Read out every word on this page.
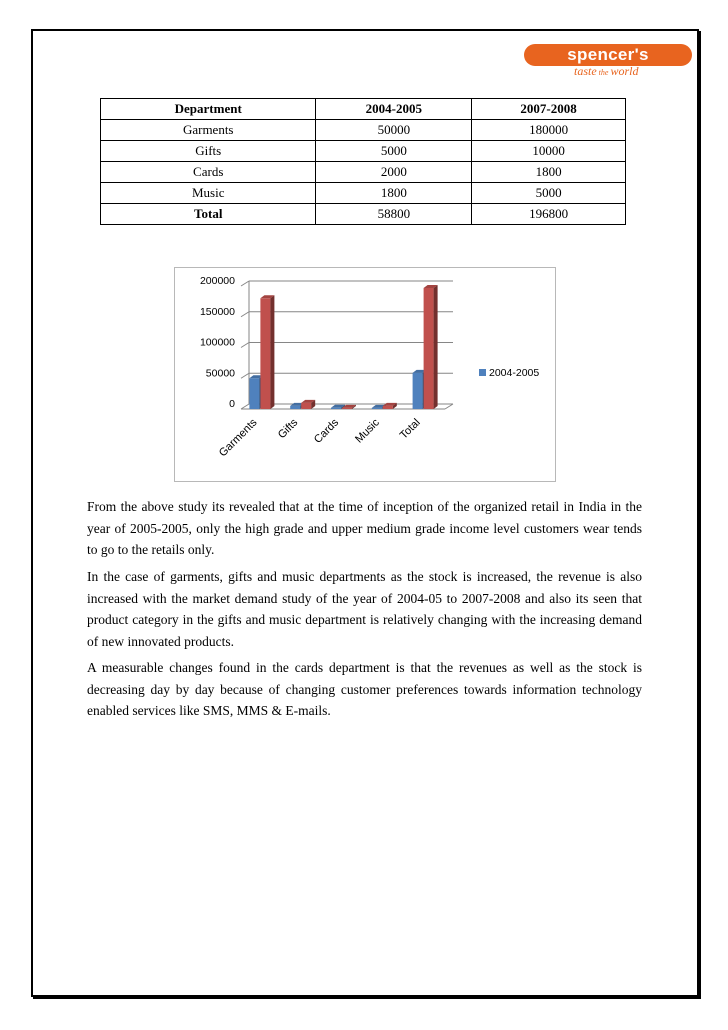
spencer's
taste the world
Department	2004-2005	2007-2008
Garments	50000	180000
Gifts	5000	10000
Cards	2000	1800
Music	1800	5000
Total	58800	196800
0
50000
100000
150000
200000
Garments Gifts Cards Music Total
2004-2005

From the above study its revealed that at the time of inception of the organized retail in India in the year of 2005-2005, only the high grade and upper medium grade income level customers wear tends to go to the retails only.

In the case of garments, gifts and music departments as the stock is increased, the revenue is also increased with the market demand study of the year of 2004-05 to 2007-2008 and also its seen that product category in the gifts and music department is relatively changing with the increasing demand of new innovated products.

A measurable changes found in the cards department is that the revenues as well as the stock is decreasing day by day because of changing customer preferences towards information technology enabled services like SMS, MMS & E-mails.
